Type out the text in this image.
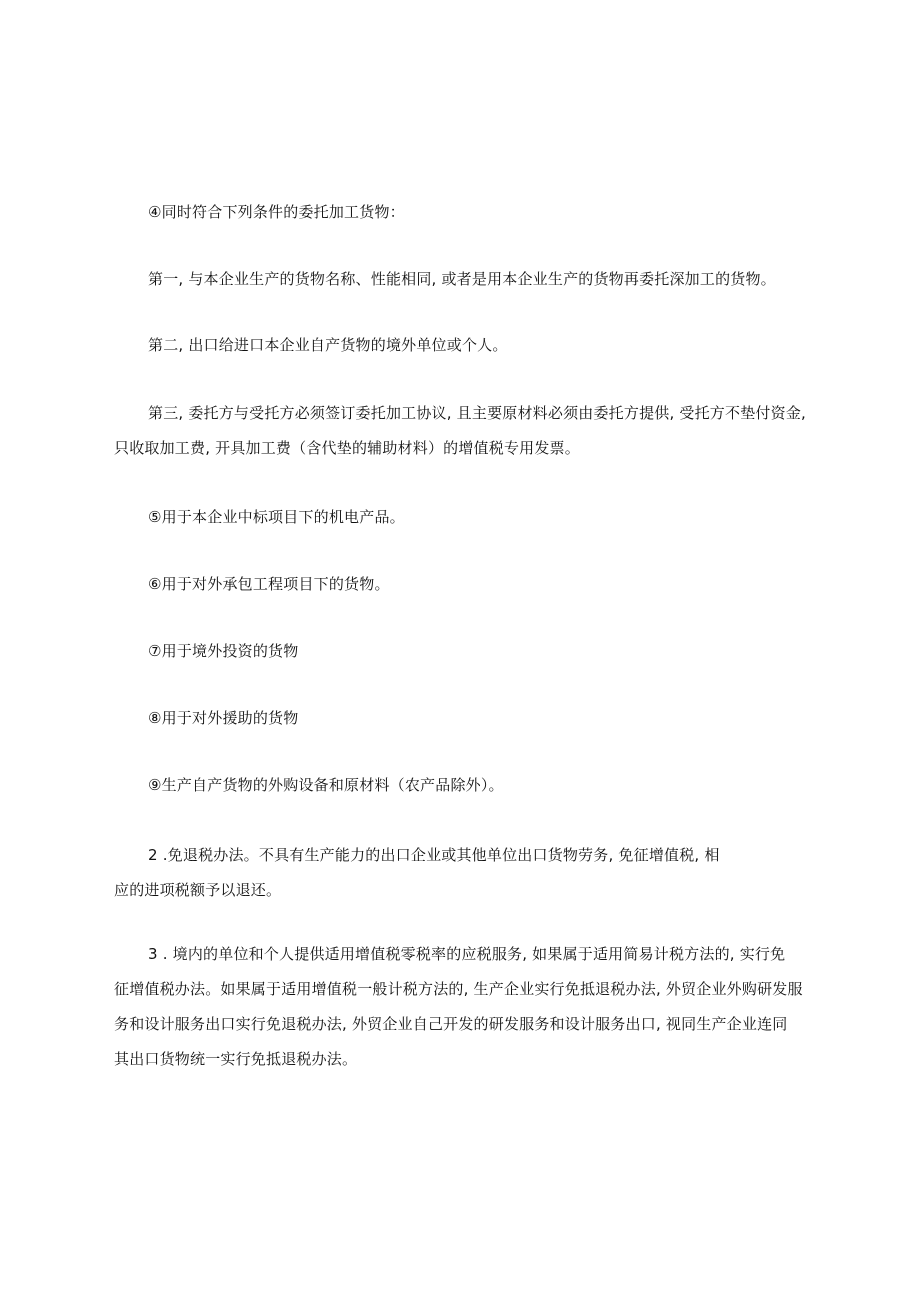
④同时符合下列条件的委托加工货物：
第一, 与本企业生产的货物名称、性能相同, 或者是用本企业生产的货物再委托深加工的货物。
第二, 出口给进口本企业自产货物的境外单位或个人。
第三, 委托方与受托方必须签订委托加工协议, 且主要原材料必须由委托方提供, 受托方不垫付资金,
只收取加工费, 开具加工费（含代垫的辅助材料）的增值税专用发票。
⑤用于本企业中标项目下的机电产品。
⑥用于对外承包工程项目下的货物。
⑦用于境外投资的货物
⑧用于对外援助的货物
⑨生产自产货物的外购设备和原材料（农产品除外）。
2 .免退税办法。不具有生产能力的出口企业或其他单位出口货物劳务, 免征增值税, 相
应的进项税额予以退还。
3 . 境内的单位和个人提供适用增值税零税率的应税服务, 如果属于适用简易计税方法的, 实行免
征增值税办法。如果属于适用增值税一般计税方法的, 生产企业实行免抵退税办法, 外贸企业外购研发服
务和设计服务出口实行免退税办法, 外贸企业自己开发的研发服务和设计服务出口, 视同生产企业连同
其出口货物统一实行免抵退税办法。
